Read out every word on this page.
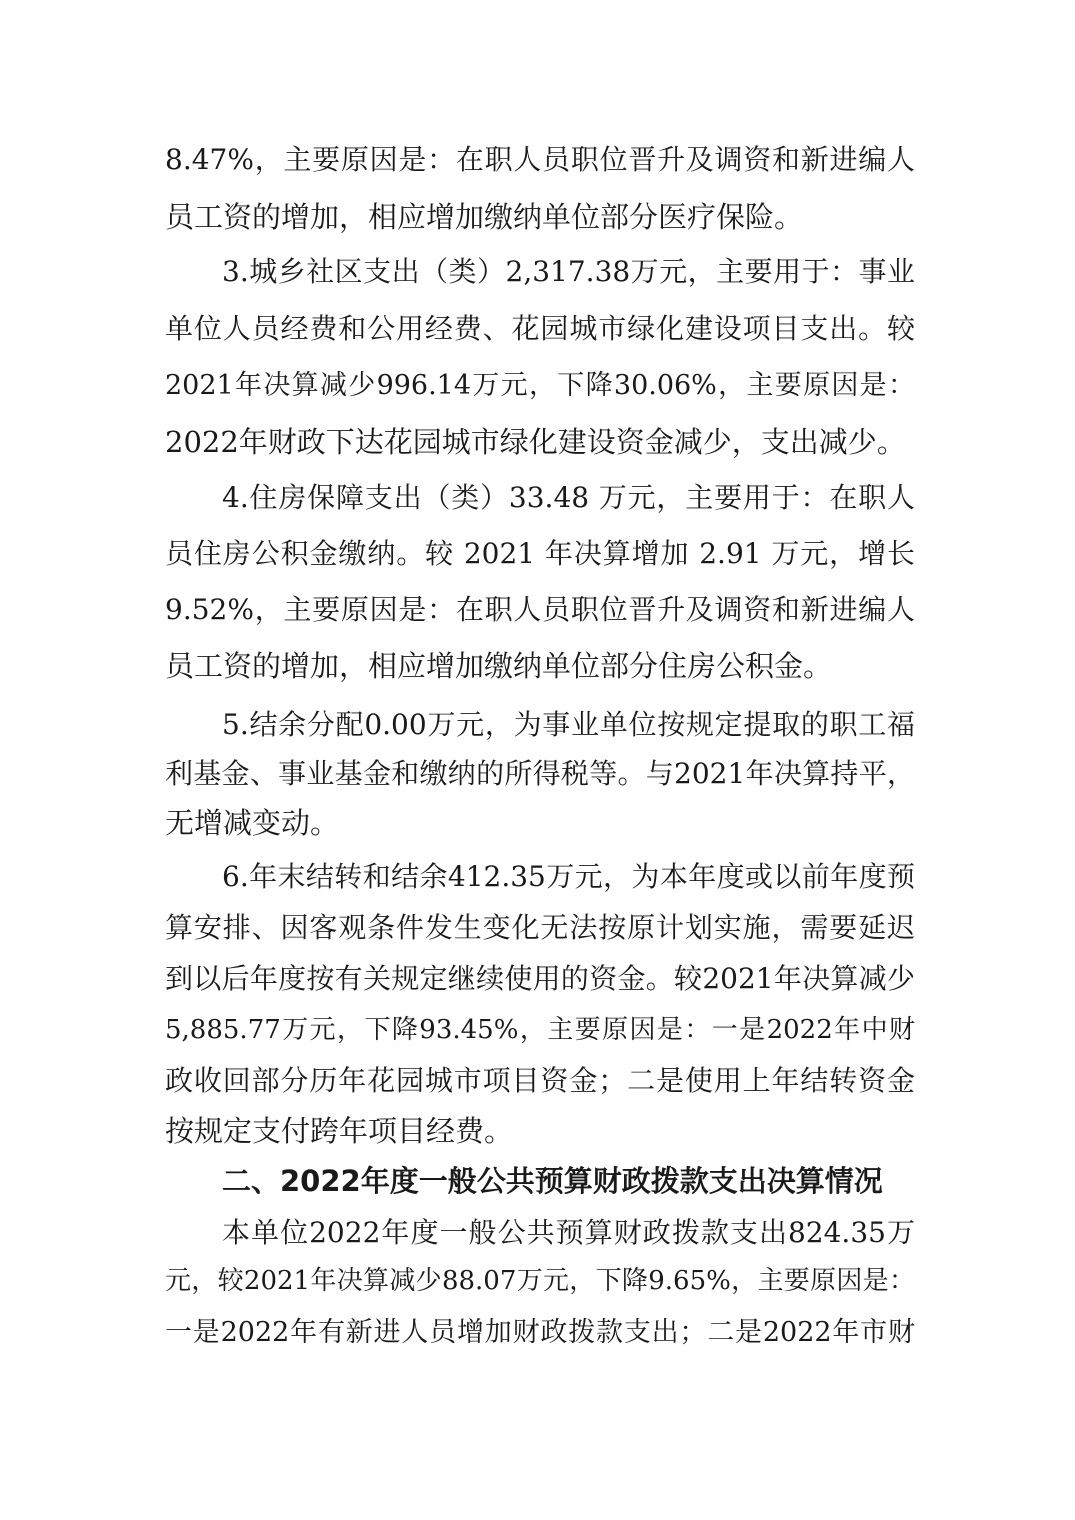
8.47%，主要原因是：在职人员职位晋升及调资和新进编人
员工资的增加，相应增加缴纳单位部分医疗保险。
3.城乡社区支出（类）2,317.38万元，主要用于：事业
单位人员经费和公用经费、花园城市绿化建设项目支出。较
2021年决算减少996.14万元，下降30.06%，主要原因是：
2022年财政下达花园城市绿化建设资金减少，支出减少。
4.住房保障支出（类）33.48 万元，主要用于：在职人
员住房公积金缴纳。较 2021 年决算增加 2.91 万元，增长
9.52%，主要原因是：在职人员职位晋升及调资和新进编人
员工资的增加，相应增加缴纳单位部分住房公积金。
5.结余分配0.00万元，为事业单位按规定提取的职工福
利基金、事业基金和缴纳的所得税等。与2021年决算持平，
无增减变动。
6.年末结转和结余412.35万元，为本年度或以前年度预
算安排、因客观条件发生变化无法按原计划实施，需要延迟
到以后年度按有关规定继续使用的资金。较2021年决算减少
5,885.77万元，下降93.45%，主要原因是：一是2022年中财
政收回部分历年花园城市项目资金；二是使用上年结转资金
按规定支付跨年项目经费。
二、2022年度一般公共预算财政拨款支出决算情况
本单位2022年度一般公共预算财政拨款支出824.35万
元，较2021年决算减少88.07万元，下降9.65%，主要原因是：
一是2022年有新进人员增加财政拨款支出；二是2022年市财
